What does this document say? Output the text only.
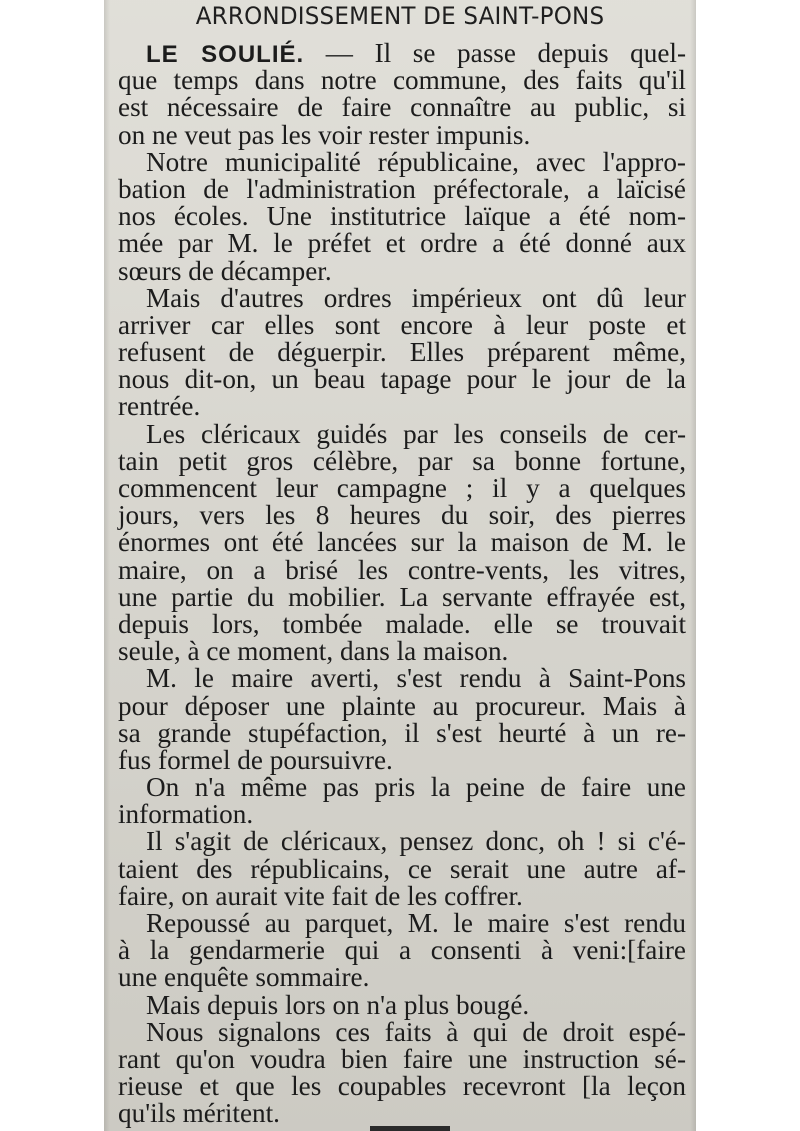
ARRONDISSEMENT DE SAINT-PONS
LE SOULIÉ. — Il se passe depuis quel-
que temps dans notre commune, des faits qu'il
est nécessaire de faire connaître au public, si
on ne veut pas les voir rester impunis.
Notre municipalité républicaine, avec l'appro-
bation de l'administration préfectorale, a laïcisé
nos écoles. Une institutrice laïque a été nom-
mée par M. le préfet et ordre a été donné aux
sœurs de décamper.
Mais d'autres ordres impérieux ont dû leur
arriver car elles sont encore à leur poste et
refusent de déguerpir. Elles préparent même,
nous dit-on, un beau tapage pour le jour de la
rentrée.
Les cléricaux guidés par les conseils de cer-
tain petit gros célèbre, par sa bonne fortune,
commencent leur campagne ; il y a quelques
jours, vers les 8 heures du soir, des pierres
énormes ont été lancées sur la maison de M. le
maire, on a brisé les contre-vents, les vitres,
une partie du mobilier. La servante effrayée est,
depuis lors, tombée malade. elle se trouvait
seule, à ce moment, dans la maison.
M. le maire averti, s'est rendu à Saint-Pons
pour déposer une plainte au procureur. Mais à
sa grande stupéfaction, il s'est heurté à un re-
fus formel de poursuivre.
On n'a même pas pris la peine de faire une
information.
Il s'agit de cléricaux, pensez donc, oh ! si c'é-
taient des républicains, ce serait une autre af-
faire, on aurait vite fait de les coffrer.
Repoussé au parquet, M. le maire s'est rendu
à la gendarmerie qui a consenti à veni:[faire
une enquête sommaire.
Mais depuis lors on n'a plus bougé.
Nous signalons ces faits à qui de droit espé-
rant qu'on voudra bien faire une instruction sé-
rieuse et que les coupables recevront [la leçon
qu'ils méritent.
